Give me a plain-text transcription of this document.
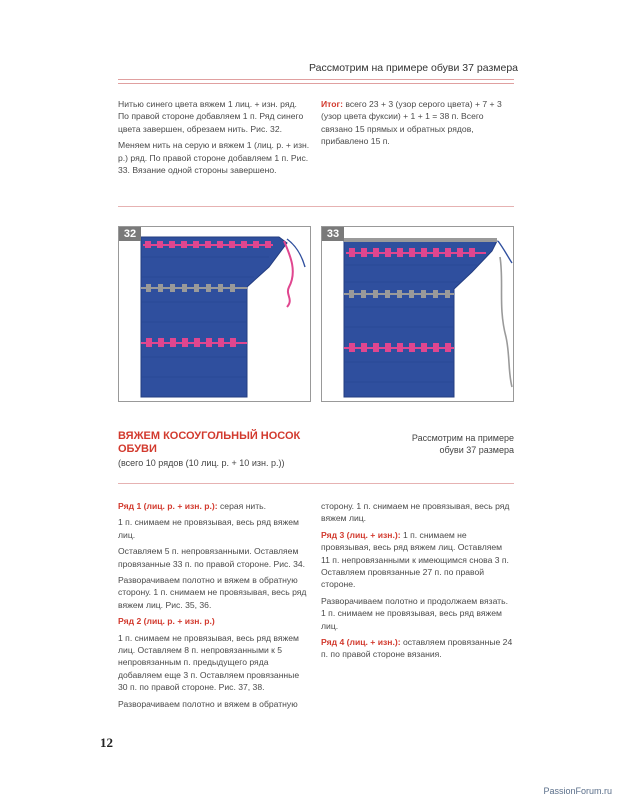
Рассмотрим на примере обуви 37 размера

Нитью синего цвета вяжем 1 лиц. + изн. ряд. По правой стороне добавляем 1 п. Ряд синего цвета завершен, обрезаем нить. Рис. 32.

Меняем нить на серую и вяжем 1 (лиц. р. + изн. р.) ряд. По правой стороне добавляем 1 п. Рис. 33. Вязание одной стороны завершено.

Итог: всего 23 + 3 (узор серого цвета) + 7 + 3 (узор цвета фуксии) + 1 + 1 = 38 п. Всего связано 15 прямых и обратных рядов, прибавлено 15 п.

32	33
ВЯЖЕМ КОСОУГОЛЬНЫЙ НОСОК ОБУВИ
(всего 10 рядов (10 лиц. р. + 10 изн. р.))
Рассмотрим на примере обуви 37 размера

Ряд 1 (лиц. р. + изн. р.): серая нить.

1 п. снимаем не провязывая, весь ряд вяжем лиц.

Оставляем 5 п. непровязанными. Оставляем провязанные 33 п. по правой стороне. Рис. 34.

Разворачиваем полотно и вяжем в обратную сторону. 1 п. снимаем не провязывая, весь ряд вяжем лиц. Рис. 35, 36.

Ряд 2 (лиц. р. + изн. р.)

1 п. снимаем не провязывая, весь ряд вяжем лиц. Оставляем 8 п. непровязанными к 5 непровязанным п. предыдущего ряда добавляем еще 3 п. Оставляем провязанные 30 п. по правой стороне. Рис. 37, 38.

Разворачиваем полотно и вяжем в обратную

сторону. 1 п. снимаем не провязывая, весь ряд вяжем лиц.

Ряд 3 (лиц. + изн.): 1 п. снимаем не провязывая, весь ряд вяжем лиц. Оставляем 11 п. непровязанными к имеющимся снова 3 п. Оставляем провязанные 27 п. по правой стороне.

Разворачиваем полотно и продолжаем вязать. 1 п. снимаем не провязывая, весь ряд вяжем лиц.

Ряд 4 (лиц. + изн.): оставляем провязанные 24 п. по правой стороне вязания.

12
PassionForum.ru
